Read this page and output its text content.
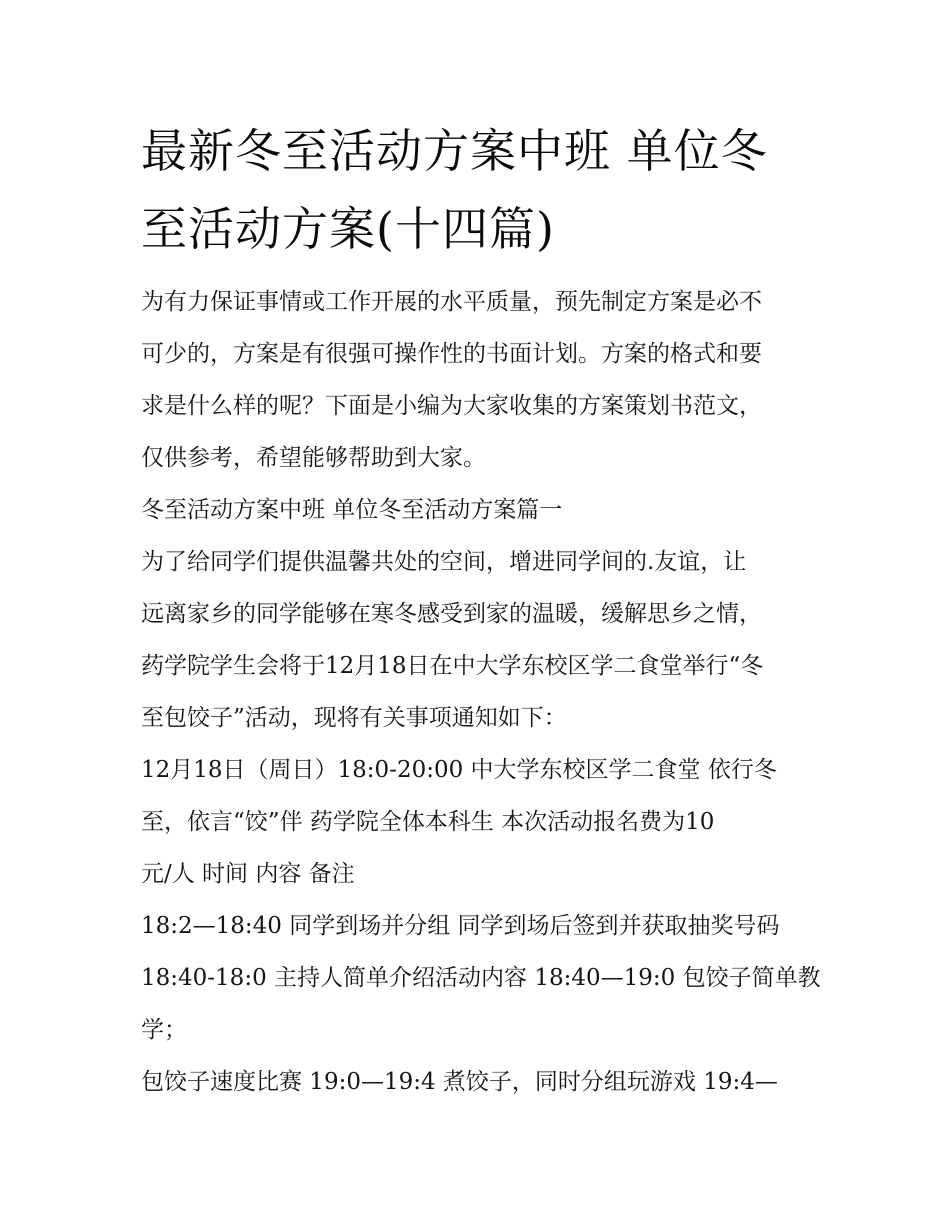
最新冬至活动方案中班 单位冬
至活动方案(十四篇)
为有力保证事情或工作开展的水平质量，预先制定方案是必不
可少的，方案是有很强可操作性的书面计划。方案的格式和要
求是什么样的呢？下面是小编为大家收集的方案策划书范文，
仅供参考，希望能够帮助到大家。
冬至活动方案中班 单位冬至活动方案篇一
为了给同学们提供温馨共处的空间，增进同学间的.友谊，让
远离家乡的同学能够在寒冬感受到家的温暖，缓解思乡之情，
药学院学生会将于12月18日在中大学东校区学二食堂举行“冬
至包饺子”活动，现将有关事项通知如下：
12月18日（周日）18:0-20:00 中大学东校区学二食堂 依行冬
至，依言“饺”伴 药学院全体本科生 本次活动报名费为10
元/人 时间 内容 备注
18:2—18:40 同学到场并分组 同学到场后签到并获取抽奖号码
18:40-18:0 主持人简单介绍活动内容 18:40—19:0 包饺子简单教
学；
包饺子速度比赛 19:0—19:4 煮饺子，同时分组玩游戏 19:4—
